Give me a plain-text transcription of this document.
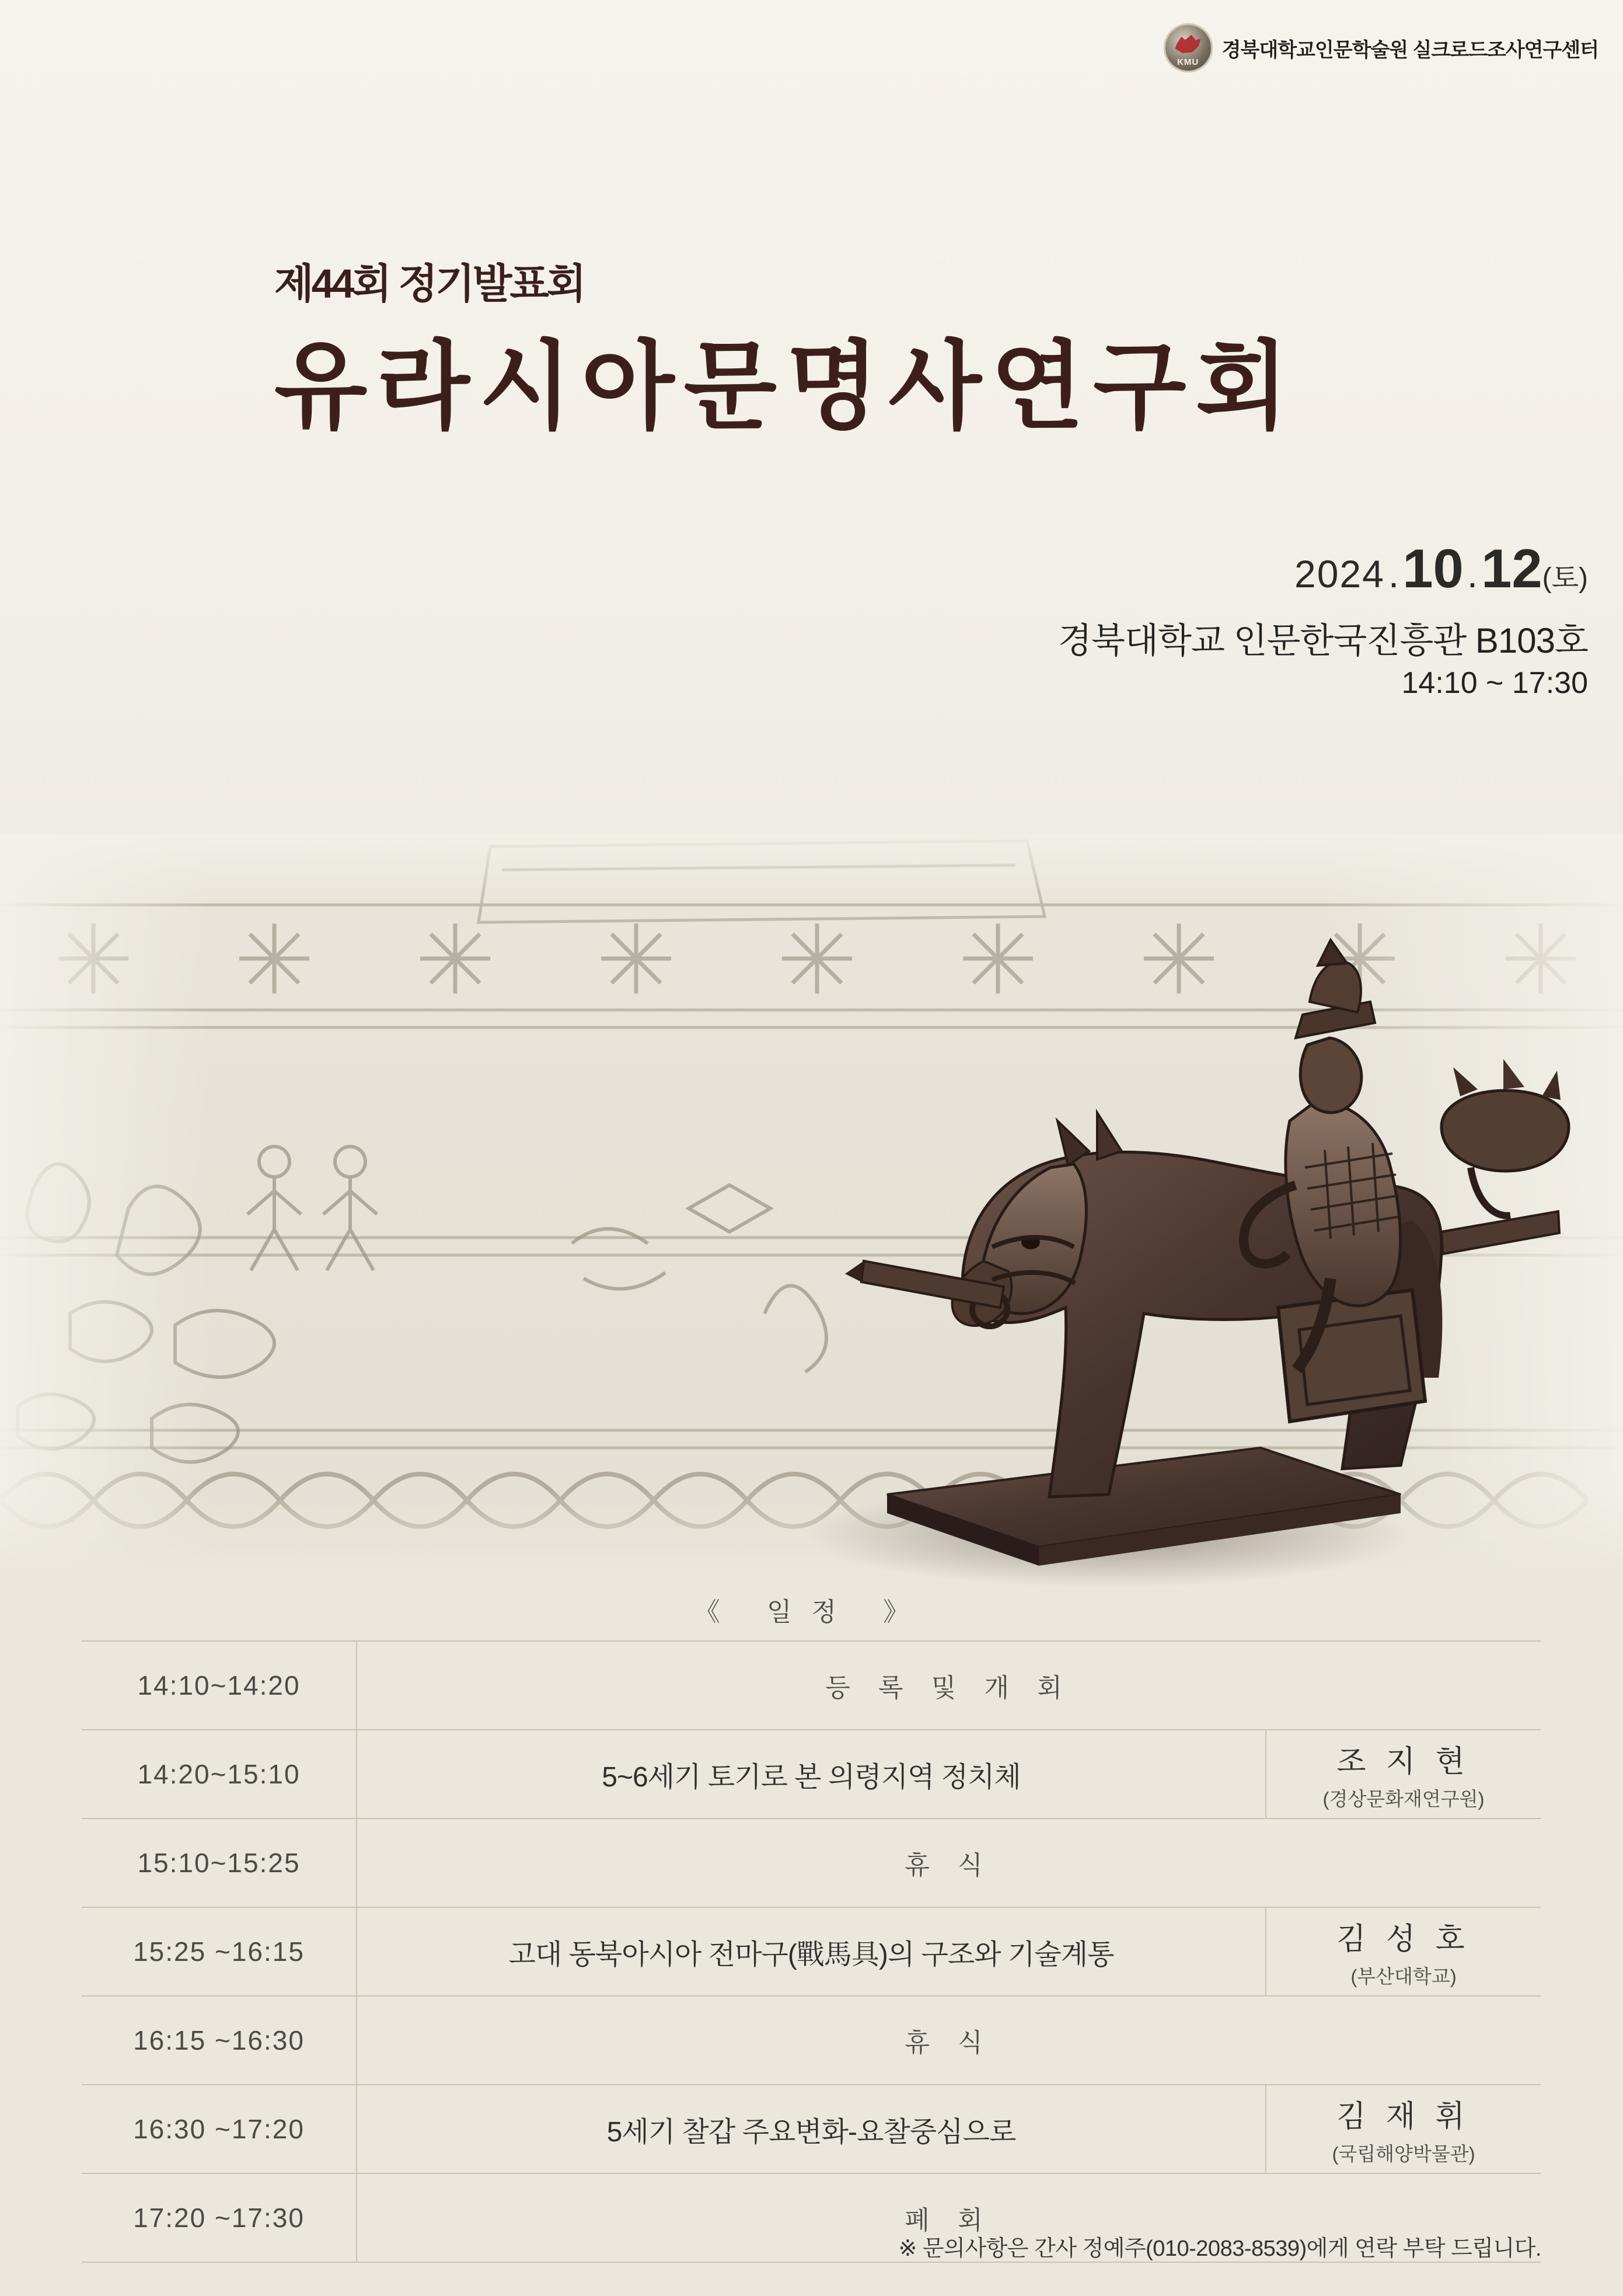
KMU
경북대학교인문학술원 실크로드조사연구센터
제44회 정기발표회
유라시아문명사연구회
2024.10.12(토)
경북대학교 인문한국진흥관 B103호
14:10 ~ 17:30
《 일정 》
14:10~14:20	등 록 및 개 회
14:20~15:10	5~6세기 토기로 본 의령지역 정치체	조 지 현
(경상문화재연구원)
15:10~15:25	휴 식
15:25 ~16:15	고대 동북아시아 전마구(戰馬具)의 구조와 기술계통	김 성 호
(부산대학교)
16:15 ~16:30	휴 식
16:30 ~17:20	5세기 찰갑 주요변화-요찰중심으로	김 재 휘
(국립해양박물관)
17:20 ~17:30	폐 회
※ 문의사항은 간사 정예주(010-2083-8539)에게 연락 부탁 드립니다.
